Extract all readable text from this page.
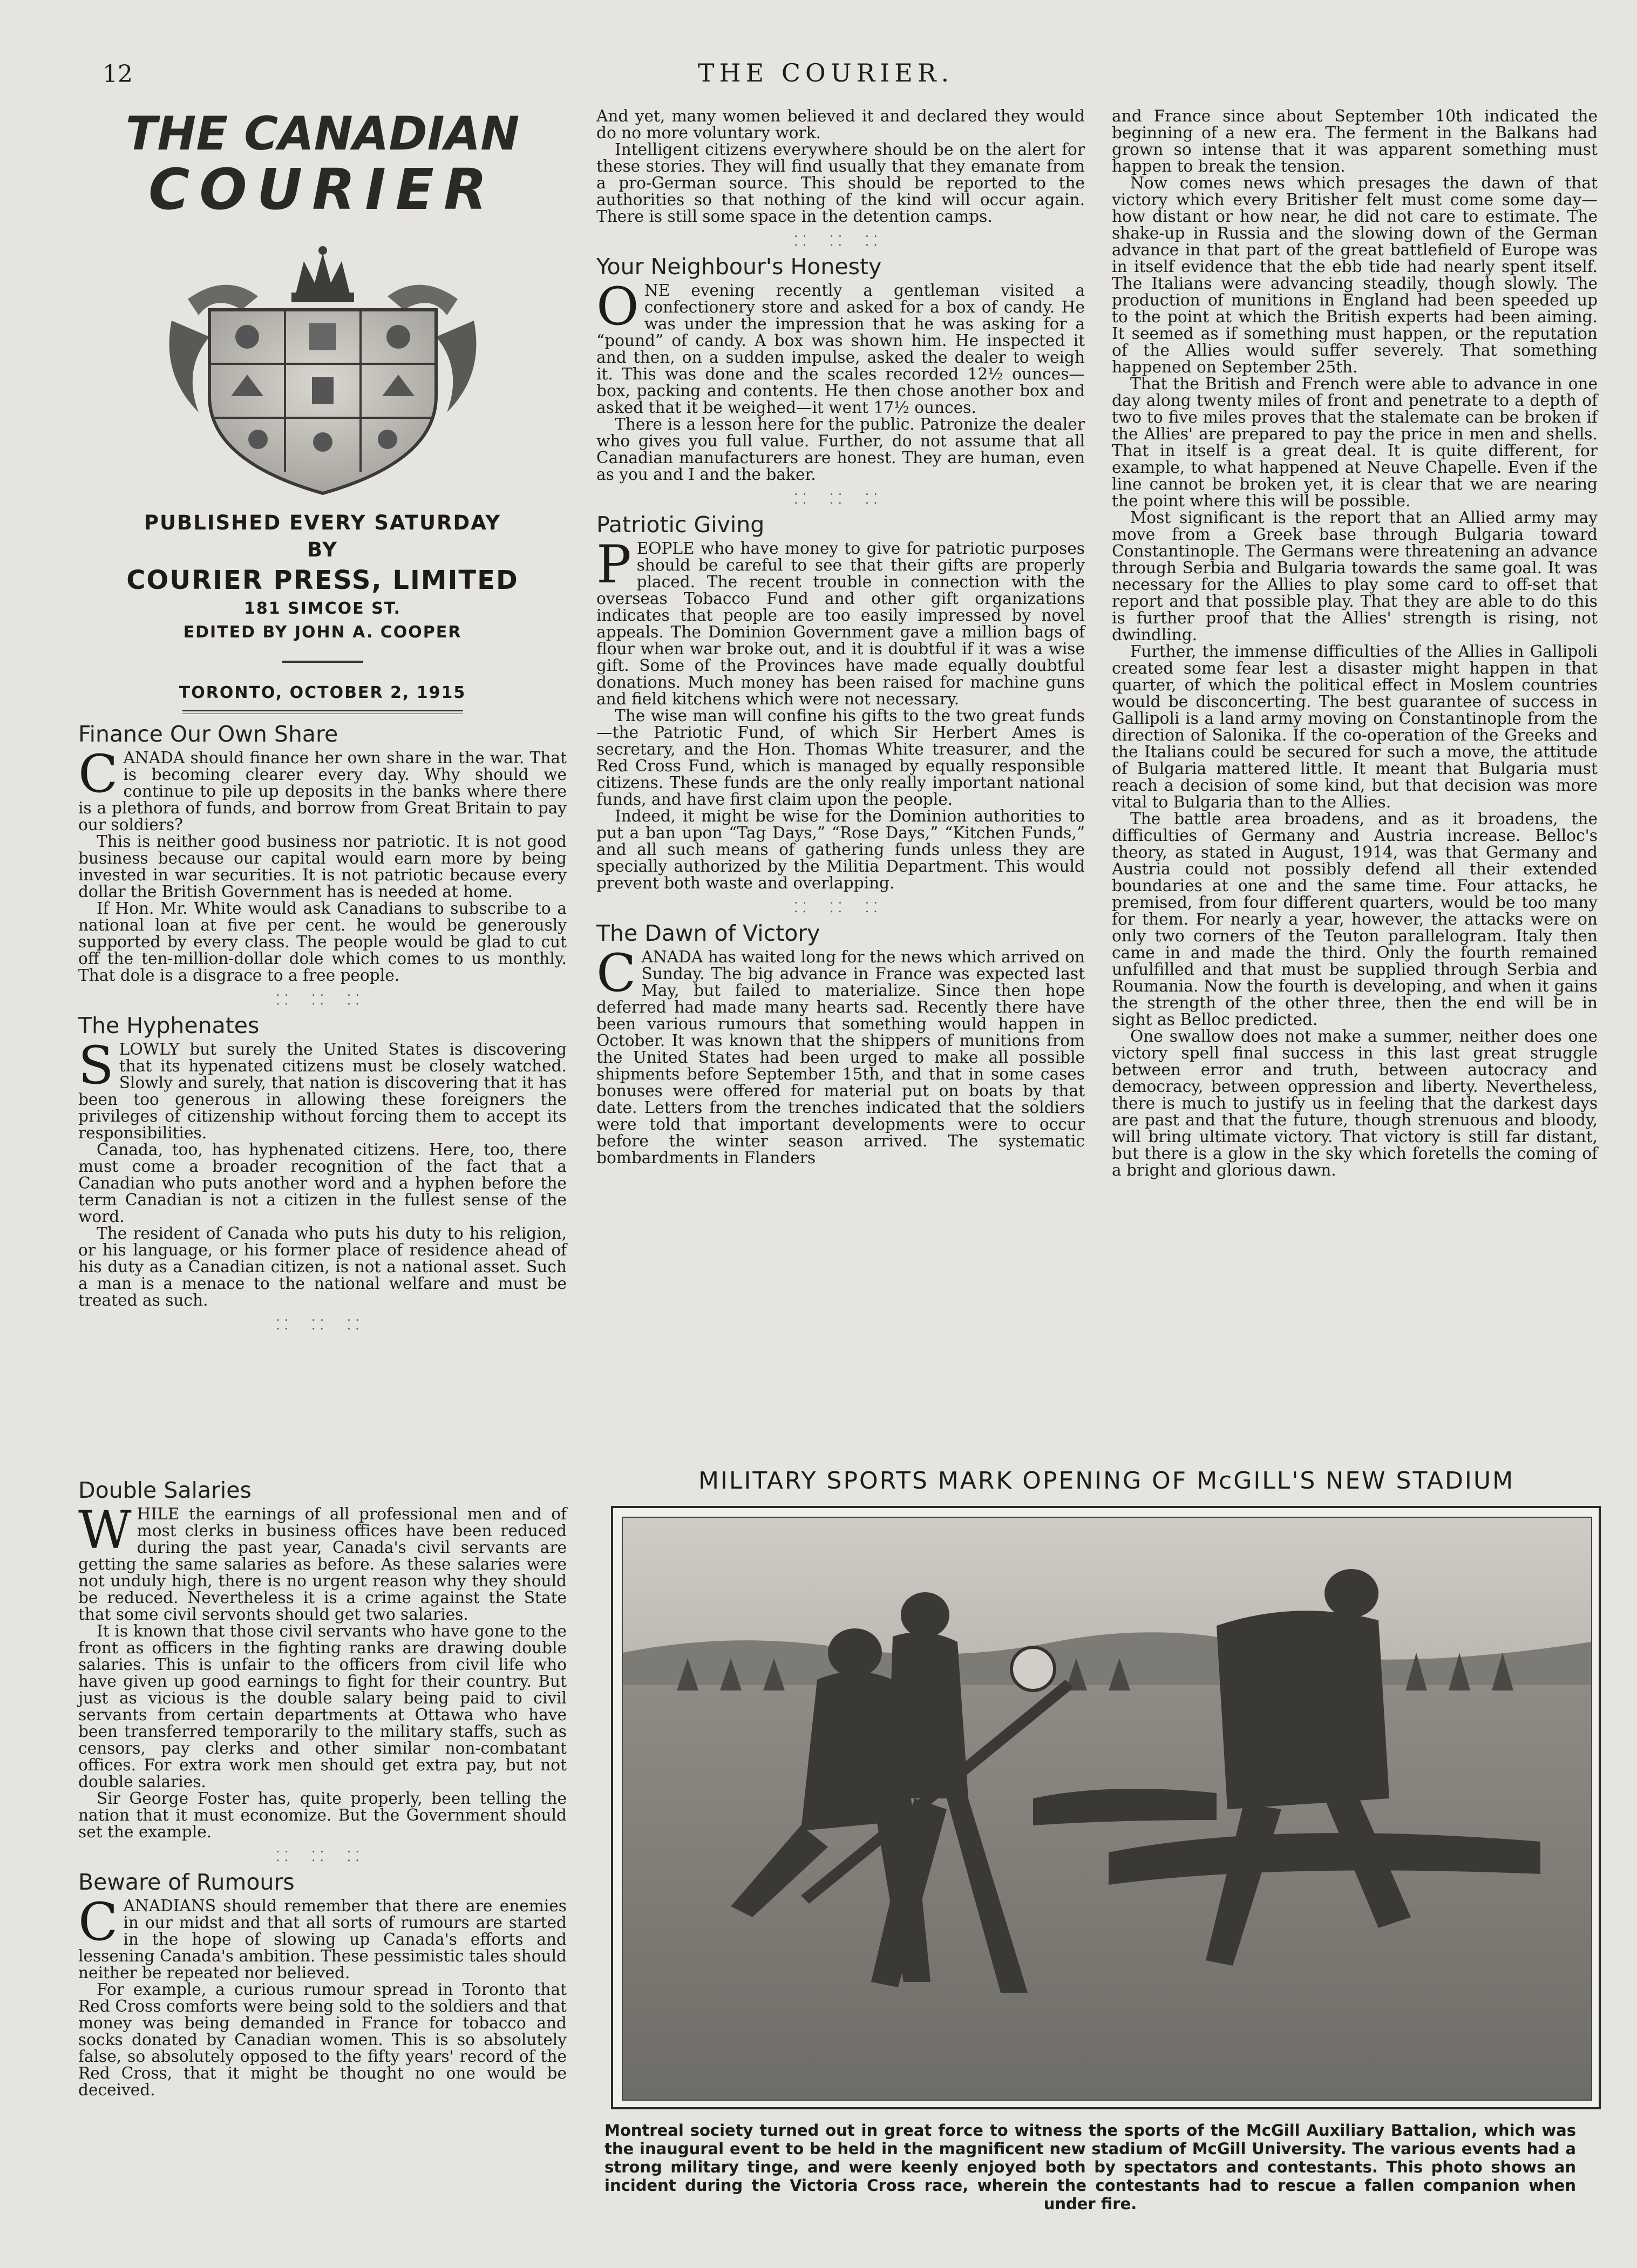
12	THE COURIER.
THE CANADIAN
COURIER
PUBLISHED EVERY SATURDAY
BY
COURIER PRESS, LIMITED
181 SIMCOE ST.
EDITED BY JOHN A. COOPER
TORONTO, OCTOBER 2, 1915
Finance Our Own Share

CANADA should finance her own share in the war. That is becoming clearer every day. Why should we continue to pile up deposits in the banks where there is a plethora of funds, and borrow from Great Britain to pay our soldiers?

This is neither good business nor patriotic. It is not good business because our capital would earn more by being invested in war securities. It is not patriotic because every dollar the British Government has is needed at home.

If Hon. Mr. White would ask Canadians to subscribe to a national loan at five per cent. he would be generously supported by every class. The people would be glad to cut off the ten-million-dollar dole which comes to us monthly. That dole is a disgrace to a free people.

⸬ ⸬ ⸬
The Hyphenates

SLOWLY but surely the United States is discovering that its hypenated citizens must be closely watched. Slowly and surely, that nation is discovering that it has been too generous in allowing these foreigners the privileges of citizenship without forcing them to accept its responsibilities.

Canada, too, has hyphenated citizens. Here, too, there must come a broader recognition of the fact that a Canadian who puts another word and a hyphen before the term Canadian is not a citizen in the fullest sense of the word.

The resident of Canada who puts his duty to his religion, or his language, or his former place of residence ahead of his duty as a Canadian citizen, is not a national asset. Such a man is a menace to the national welfare and must be treated as such.

⸬ ⸬ ⸬
Double Salaries

WHILE the earnings of all professional men and of most clerks in business offices have been reduced during the past year, Canada's civil servants are getting the same salaries as before. As these salaries were not unduly high, there is no urgent reason why they should be reduced. Nevertheless it is a crime against the State that some civil servonts should get two salaries.

It is known that those civil servants who have gone to the front as officers in the fighting ranks are drawing double salaries. This is unfair to the officers from civil life who have given up good earnings to fight for their country. But just as vicious is the double salary being paid to civil servants from certain departments at Ottawa who have been transferred temporarily to the military staffs, such as censors, pay clerks and other similar non-combatant offices. For extra work men should get extra pay, but not double salaries.

Sir George Foster has, quite properly, been telling the nation that it must economize. But the Government should set the example.

⸬ ⸬ ⸬
Beware of Rumours

CANADIANS should remember that there are enemies in our midst and that all sorts of rumours are started in the hope of slowing up Canada's efforts and lessening Canada's ambition. These pessimistic tales should neither be repeated nor believed.

For example, a curious rumour spread in Toronto that Red Cross comforts were being sold to the soldiers and that money was being demanded in France for tobacco and socks donated by Canadian women. This is so absolutely false, so absolutely opposed to the fifty years' record of the Red Cross, that it might be thought no one would be deceived.

And yet, many women believed it and declared they would do no more voluntary work.

Intelligent citizens everywhere should be on the alert for these stories. They will find usually that they emanate from a pro-German source. This should be reported to the authorities so that nothing of the kind will occur again. There is still some space in the detention camps.

⸬ ⸬ ⸬
Your Neighbour's Honesty

ONE evening recently a gentleman visited a confectionery store and asked for a box of candy. He was under the impression that he was asking for a “pound” of candy. A box was shown him. He inspected it and then, on a sudden impulse, asked the dealer to weigh it. This was done and the scales recorded 12½ ounces—box, packing and contents. He then chose another box and asked that it be weighed—it went 17½ ounces.

There is a lesson here for the public. Patronize the dealer who gives you full value. Further, do not assume that all Canadian manufacturers are honest. They are human, even as you and I and the baker.

⸬ ⸬ ⸬
Patriotic Giving

PEOPLE who have money to give for patriotic purposes should be careful to see that their gifts are properly placed. The recent trouble in connection with the overseas Tobacco Fund and other gift organizations indicates that people are too easily impressed by novel appeals. The Dominion Government gave a million bags of flour when war broke out, and it is doubtful if it was a wise gift. Some of the Provinces have made equally doubtful donations. Much money has been raised for machine guns and field kitchens which were not necessary.

The wise man will confine his gifts to the two great funds—the Patriotic Fund, of which Sir Herbert Ames is secretary, and the Hon. Thomas White treasurer, and the Red Cross Fund, which is managed by equally responsible citizens. These funds are the only really important national funds, and have first claim upon the people.

Indeed, it might be wise for the Dominion authorities to put a ban upon “Tag Days,” “Rose Days,” “Kitchen Funds,” and all such means of gathering funds unless they are specially authorized by the Militia Department. This would prevent both waste and overlapping.

⸬ ⸬ ⸬
The Dawn of Victory

CANADA has waited long for the news which arrived on Sunday. The big advance in France was expected last May, but failed to materialize. Since then hope deferred had made many hearts sad. Recently there have been various rumours that something would happen in October. It was known that the shippers of munitions from the United States had been urged to make all possible shipments before September 15th, and that in some cases bonuses were offered for material put on boats by that date. Letters from the trenches indicated that the soldiers were told that important developments were to occur before the winter season arrived. The systematic bombardments in Flanders

and France since about September 10th indicated the beginning of a new era. The ferment in the Balkans had grown so intense that it was apparent something must happen to break the tension.

Now comes news which presages the dawn of that victory which every Britisher felt must come some day—how distant or how near, he did not care to estimate. The shake-up in Russia and the slowing down of the German advance in that part of the great battlefield of Europe was in itself evidence that the ebb tide had nearly spent itself. The Italians were advancing steadily, though slowly. The production of munitions in England had been speeded up to the point at which the British experts had been aiming. It seemed as if something must happen, or the reputation of the Allies would suffer severely. That something happened on September 25th.

That the British and French were able to advance in one day along twenty miles of front and penetrate to a depth of two to five miles proves that the stalemate can be broken if the Allies' are prepared to pay the price in men and shells. That in itself is a great deal. It is quite different, for example, to what happened at Neuve Chapelle. Even if the line cannot be broken yet, it is clear that we are nearing the point where this will be possible.

Most significant is the report that an Allied army may move from a Greek base through Bulgaria toward Constantinople. The Germans were threatening an advance through Serbia and Bulgaria towards the same goal. It was necessary for the Allies to play some card to off-set that report and that possible play. That they are able to do this is further proof that the Allies' strength is rising, not dwindling.

Further, the immense difficulties of the Allies in Gallipoli created some fear lest a disaster might happen in that quarter, of which the political effect in Moslem countries would be disconcerting. The best guarantee of success in Gallipoli is a land army moving on Constantinople from the direction of Salonika. If the co-operation of the Greeks and the Italians could be secured for such a move, the attitude of Bulgaria mattered little. It meant that Bulgaria must reach a decision of some kind, but that decision was more vital to Bulgaria than to the Allies.

The battle area broadens, and as it broadens, the difficulties of Germany and Austria increase. Belloc's theory, as stated in August, 1914, was that Germany and Austria could not possibly defend all their extended boundaries at one and the same time. Four attacks, he premised, from four different quarters, would be too many for them. For nearly a year, however, the attacks were on only two corners of the Teuton parallelogram. Italy then came in and made the third. Only the fourth remained unfulfilled and that must be supplied through Serbia and Roumania. Now the fourth is developing, and when it gains the strength of the other three, then the end will be in sight as Belloc predicted.

One swallow does not make a summer, neither does one victory spell final success in this last great struggle between error and truth, between autocracy and democracy, between oppression and liberty. Nevertheless, there is much to justify us in feeling that the darkest days are past and that the future, though strenuous and bloody, will bring ultimate victory. That victory is still far distant, but there is a glow in the sky which foretells the coming of a bright and glorious dawn.

MILITARY SPORTS MARK OPENING OF McGILL'S NEW STADIUM
Montreal society turned out in great force to witness the sports of the McGill Auxiliary Battalion, which was the inaugural event to be held in the magnificent new stadium of McGill University. The various events had a strong military tinge, and were keenly enjoyed both by spectators and contestants. This photo shows an incident during the Victoria Cross race, wherein the contestants had to rescue a fallen companion when under fire.
